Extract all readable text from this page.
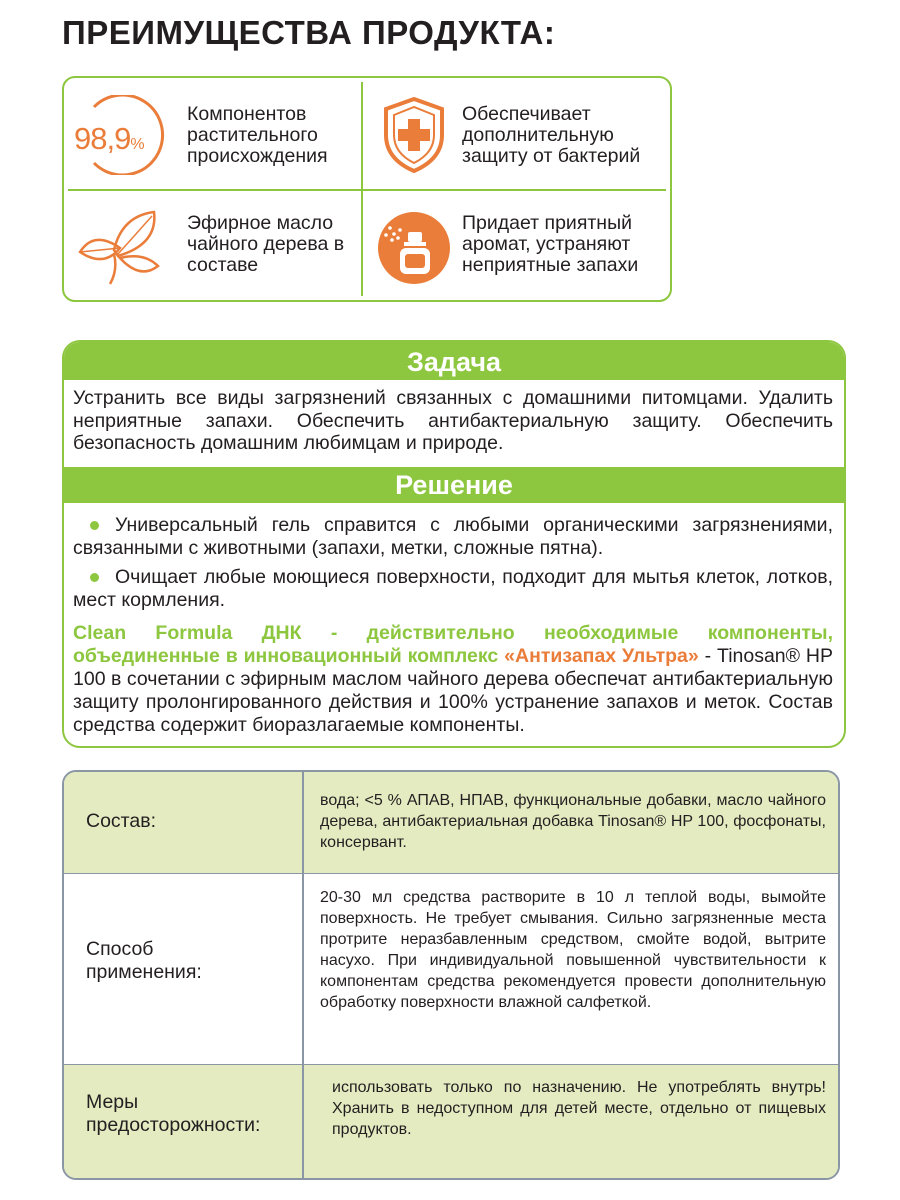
ПРЕИМУЩЕСТВА ПРОДУКТА:
98,9%
Компонентов растительного происхождения
Обеспечивает дополнительную защиту от бактерий
Эфирное масло чайного дерева в составе
Придает приятный аромат, устраняют неприятные запахи
Задача
Устранить все виды загрязнений связанных с домашними питомцами. Удалить неприятные запахи. Обеспечить антибактериальную защиту. Обеспечить безопасность домашним любимцам и природе.
Решение
Универсальный гель справится с любыми органическими загрязнениями, связанными с животными (запахи, метки, сложные пятна).
Очищает любые моющиеся поверхности, подходит для мытья клеток, лотков, мест кормления.
Clean Formula ДНК - действительно необходимые компоненты, объединенные в инновационный комплекс «Антизапах Ультра» - Tinosan® HP 100 в сочетании с эфирным маслом чайного дерева обеспечат антибактериальную защиту пролонгированного действия и 100% устранение запахов и меток. Состав средства содержит биоразлагаемые компоненты.
Состав:
вода; <5 % АПАВ, НПАВ, функциональные добавки, масло чайного дерева, антибактериальная добавка Tinosan® HP 100, фосфонаты, консервант.
Способ
применения:
20-30 мл средства растворите в 10 л теплой воды, вымойте поверхность. Не требует смывания. Сильно загрязненные места протрите неразбавленным средством, смойте водой, вытрите насухо. При индивидуальной повышенной чувствительности к компонентам средства рекомендуется провести дополнительную обработку поверхности влажной салфеткой.
Меры
предосторожности:
использовать только по назначению. Не употреблять внутрь! Хранить в недоступном для детей месте, отдельно от пищевых продуктов.
